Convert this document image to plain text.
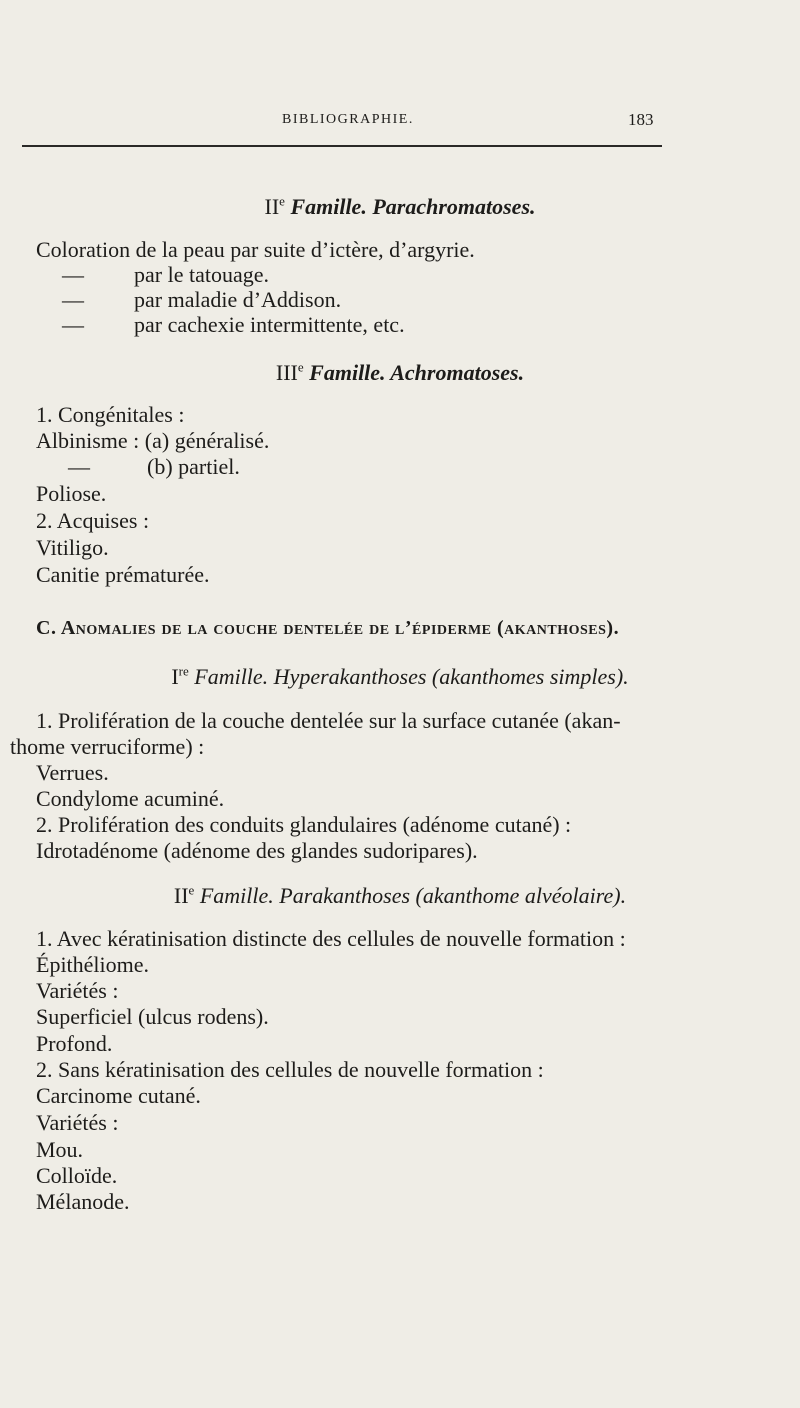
BIBLIOGRAPHIE.	183
IIe Famille. Parachromatoses.
Coloration de la peau par suite d’ictère, d’argyrie.
— par le tatouage.
— par maladie d’Addison.
— par cachexie intermittente, etc.
IIIe Famille. Achromatoses.
1. Congénitales :
Albinisme : (a) généralisé.
—	(b) partiel.
Poliose.
2. Acquises :
Vitiligo.
Canitie prématurée.
C. Anomalies de la couche dentelée de l’épiderme (akanthoses).
Ire Famille. Hyperakanthoses (akanthomes simples).
1. Prolifération de la couche dentelée sur la surface cutanée (akan-
thome verruciforme) :
Verrues.
Condylome acuminé.
2. Prolifération des conduits glandulaires (adénome cutané) :
Idrotadénome (adénome des glandes sudoripares).
IIe Famille. Parakanthoses (akanthome alvéolaire).
1. Avec kératinisation distincte des cellules de nouvelle formation :
Épithéliome.
Variétés :
Superficiel (ulcus rodens).
Profond.
2. Sans kératinisation des cellules de nouvelle formation :
Carcinome cutané.
Variétés :
Mou.
Colloïde.
Mélanode.
